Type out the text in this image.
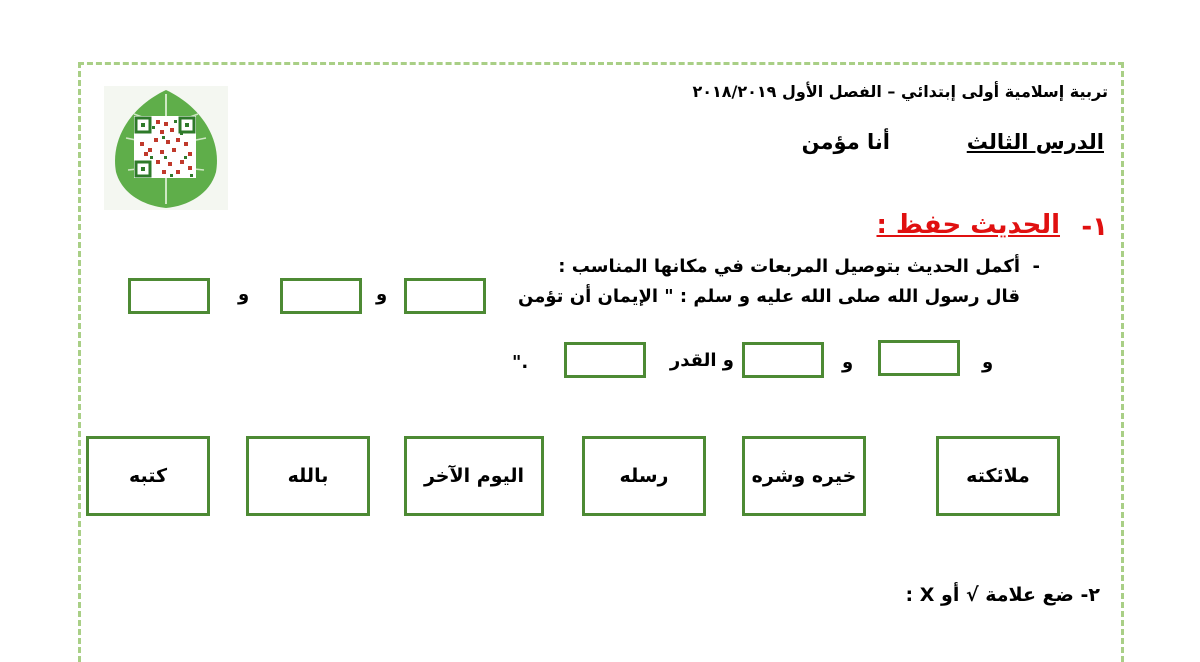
تربية إسلامية أولى إبتدائي – الفصل الأول ٢٠١٨/٢٠١٩
الدرس الثالث
أنا مؤمن
١-
الحديث حفظ :
-
أكمل الحديث بتوصيل المربعات في مكانها المناسب :
قال رسول الله صلى الله عليه و سلم : " الإيمان أن تؤمن
و
و
و
و
و القدر
".
ملائكته
خيره وشره
رسله
اليوم الآخر
بالله
كتبه
٢- ضع علامة √ أو X :
